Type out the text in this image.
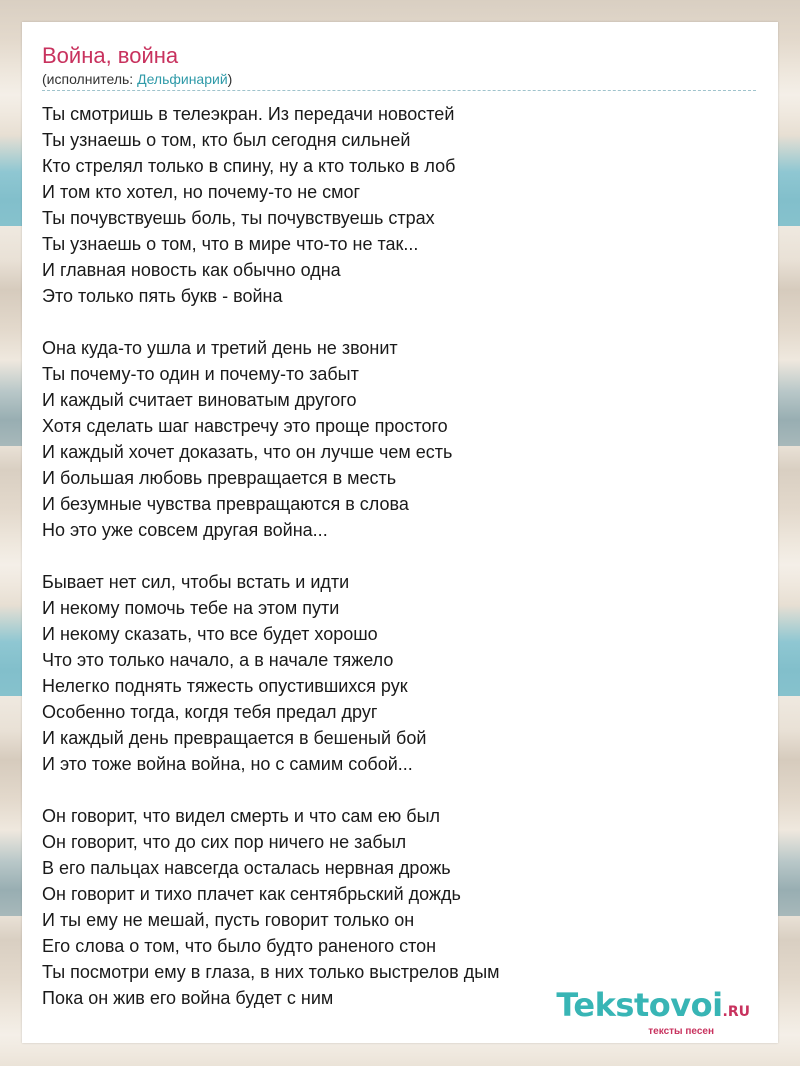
Война, война
(исполнитель: Дельфинарий)
Ты смотришь в телеэкран. Из передачи новостей
Ты узнаешь о том, кто был сегодня сильней
Кто стрелял только в спину, ну а кто только в лоб
И том кто хотел, но почему-то не смог
Ты почувствуешь боль, ты почувствуешь страх
Ты узнаешь о том, что в мире что-то не так...
И главная новость как обычно одна
Это только пять букв - война
Она куда-то ушла и третий день не звонит
Ты почему-то один и почему-то забыт
И каждый считает виноватым другого
Хотя сделать шаг навстречу это проще простого
И каждый хочет доказать, что он лучше чем есть
И большая любовь превращается в месть
И безумные чувства превращаются в слова
Но это уже совсем другая война...
Бывает нет сил, чтобы встать и идти
И некому помочь тебе на этом пути
И некому сказать, что все будет хорошо
Что это только начало, а в начале тяжело
Нелегко поднять тяжесть опустившихся рук
Особенно тогда, когдя тебя предал друг
И каждый день превращается в бешеный бой
И это тоже война война, но с самим собой...
Он говорит, что видел смерть и что сам ею был
Он говорит, что до сих пор ничего не забыл
В его пальцах навсегда осталась нервная дрожь
Он говорит и тихо плачет как сентябрьский дождь
И ты ему не мешай, пусть говорит только он
Его слова о том, что было будто раненого стон
Ты посмотри ему в глаза, в них только выстрелов дым
Пока он жив его война будет с ним	Tekstovoi.RU
тексты песен
